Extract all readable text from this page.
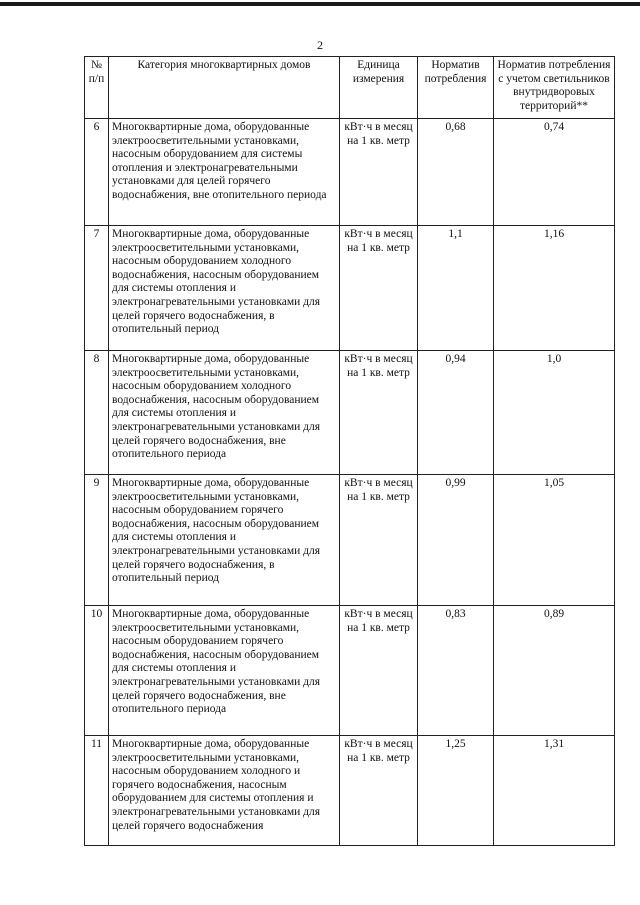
2
№ п/п	Категория многоквартирных домов	Единица измерения	Норматив потребления	Норматив потребления с учетом светильников внутридворовых территорий**
6	Многоквартирные дома, оборудованные электроосветительными установками, насосным оборудованием для системы отопления и электронагревательными установками для целей горячего водоснабжения, вне отопительного периода	кВт·ч в месяц на 1 кв. метр	0,68	0,74
7	Многоквартирные дома, оборудованные электроосветительными установками, насосным оборудованием холодного водоснабжения, насосным оборудованием для системы отопления и электронагревательными установками для целей горячего водоснабжения, в отопительный период	кВт·ч в месяц на 1 кв. метр	1,1	1,16
8	Многоквартирные дома, оборудованные электроосветительными установками, насосным оборудованием холодного водоснабжения, насосным оборудованием для системы отопления и электронагревательными установками для целей горячего водоснабжения, вне отопительного периода	кВт·ч в месяц на 1 кв. метр	0,94	1,0
9	Многоквартирные дома, оборудованные электроосветительными установками, насосным оборудованием горячего водоснабжения, насосным оборудованием для системы отопления и электронагревательными установками для целей горячего водоснабжения, в отопительный период	кВт·ч в месяц на 1 кв. метр	0,99	1,05
10	Многоквартирные дома, оборудованные электроосветительными установками, насосным оборудованием горячего водоснабжения, насосным оборудованием для системы отопления и электронагревательными установками для целей горячего водоснабжения, вне отопительного периода	кВт·ч в месяц на 1 кв. метр	0,83	0,89
11	Многоквартирные дома, оборудованные электроосветительными установками, насосным оборудованием холодного и горячего водоснабжения, насосным оборудованием для системы отопления и электронагревательными установками для целей горячего водоснабжения	кВт·ч в месяц на 1 кв. метр	1,25	1,31
